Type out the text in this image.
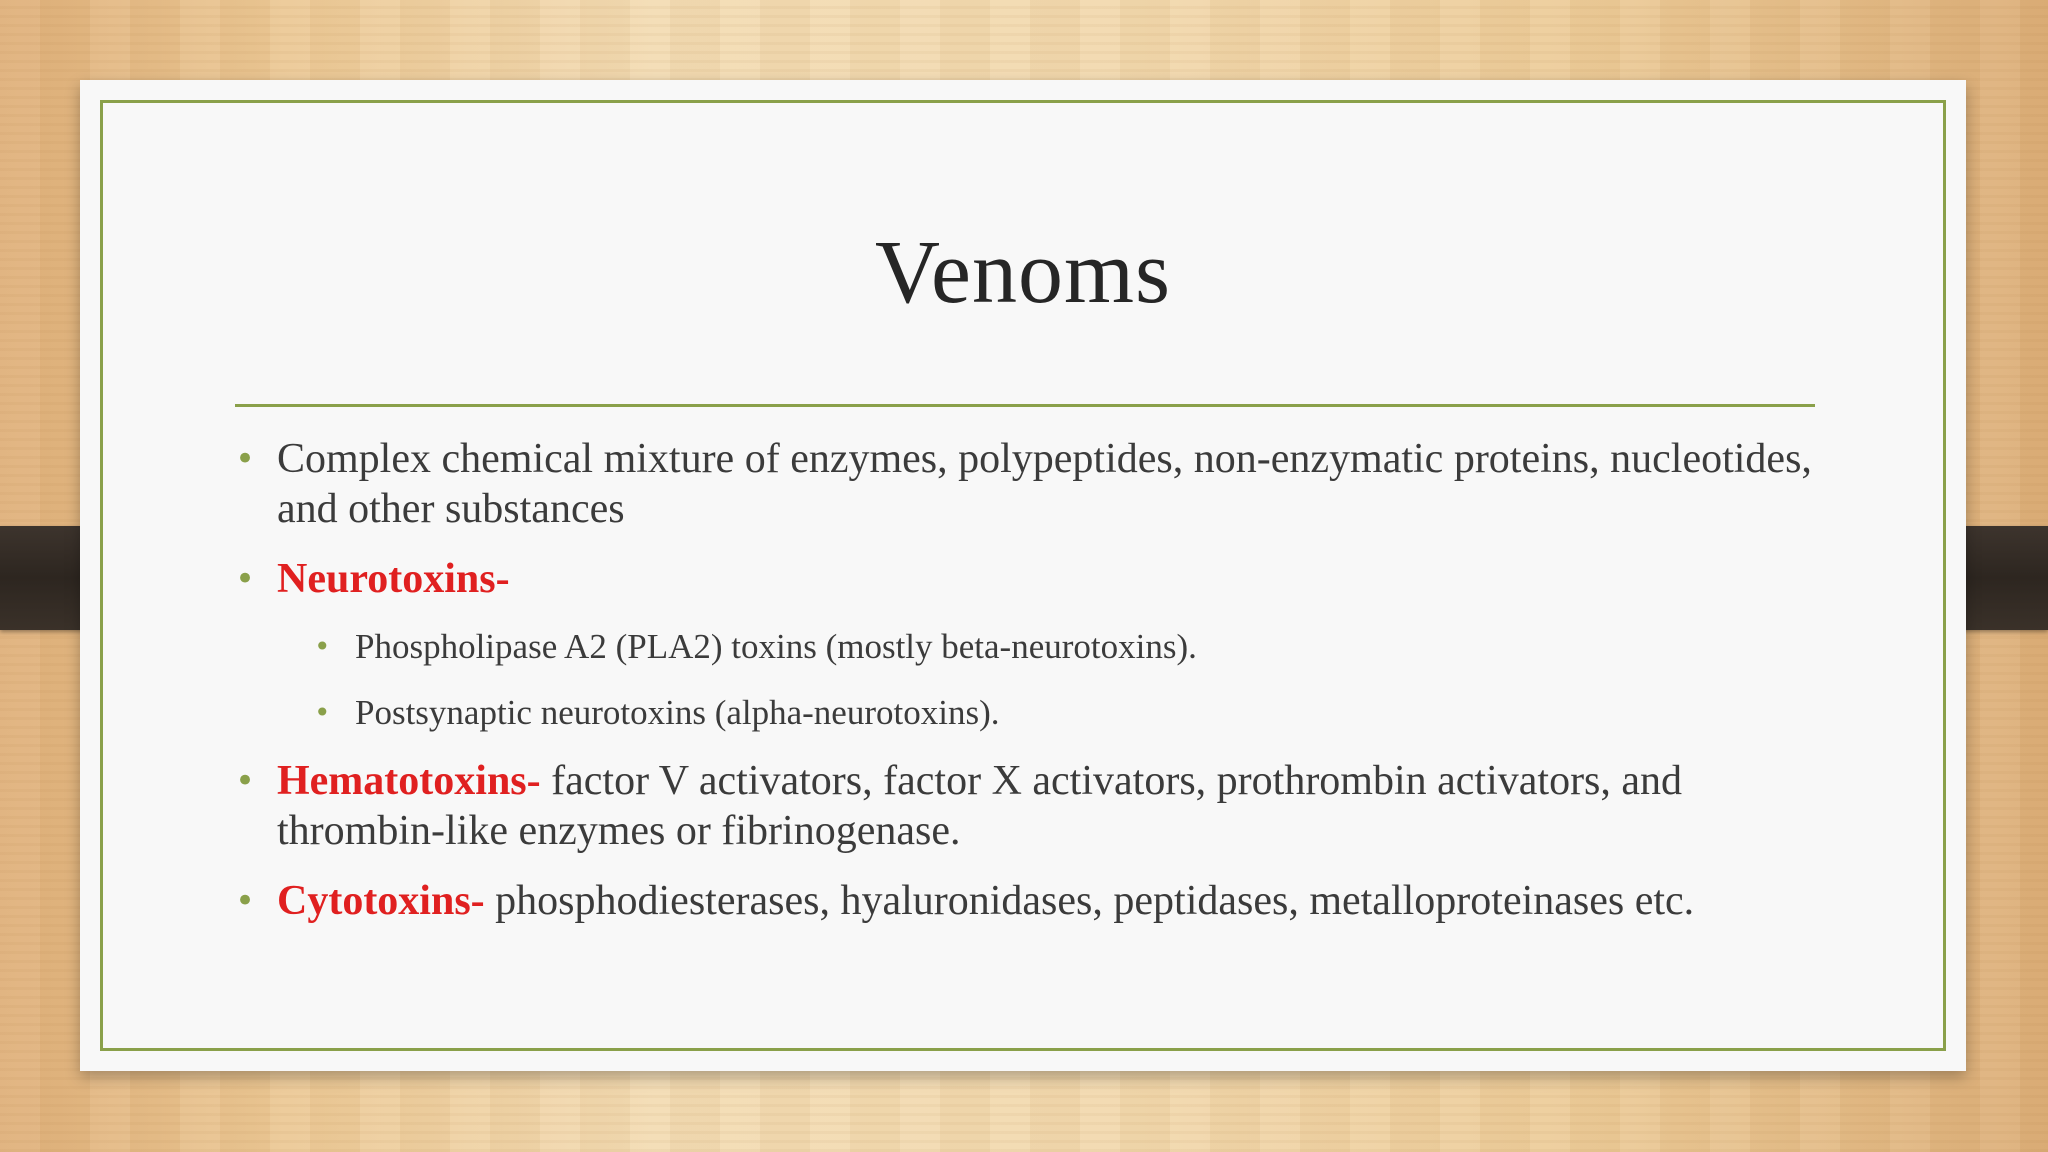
Venoms
• Complex chemical mixture of enzymes, polypeptides, non-enzymatic proteins, nucleotides, and other substances
• Neurotoxins-
• Phospholipase A2 (PLA2) toxins (mostly beta-neurotoxins).
• Postsynaptic neurotoxins (alpha-neurotoxins).
• Hematotoxins- factor V activators, factor X activators, prothrombin activators, and thrombin-like enzymes or fibrinogenase.
• Cytotoxins- phosphodiesterases, hyaluronidases, peptidases, metalloproteinases etc.
